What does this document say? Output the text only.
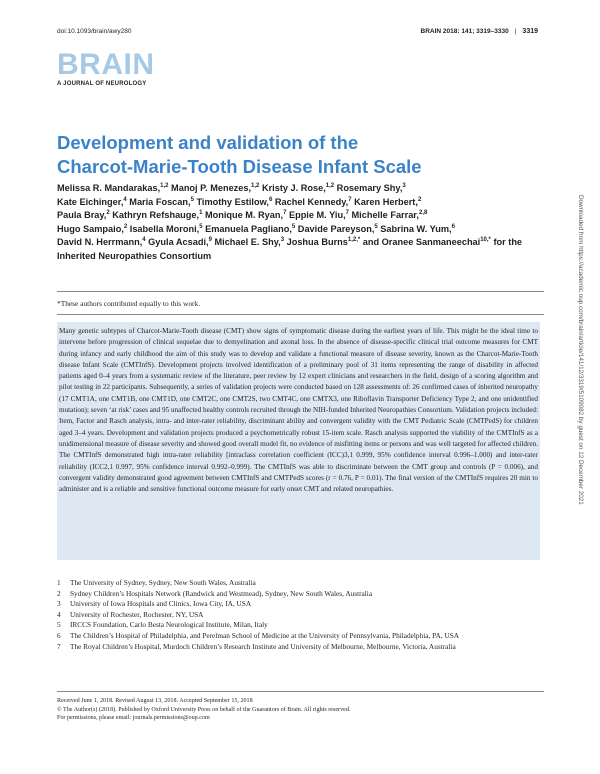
doi:10.1093/brain/awy280	BRAIN 2018: 141; 3319–3330 | 3319
BRAIN
A JOURNAL OF NEUROLOGY
Development and validation of the
Charcot-Marie-Tooth Disease Infant Scale

Melissa R. Mandarakas,$^{1,2}$ Manoj P. Menezes,$^{1,2}$ Kristy J. Rose,$^{1,2}$ Rosemary Shy,$^3$
Kate Eichinger,$^4$ Maria Foscan,$^5$ Timothy Estilow,$^6$ Rachel Kennedy,$^7$ Karen Herbert,$^2$
Paula Bray,$^2$ Kathryn Refshauge,$^1$ Monique M. Ryan,$^7$ Eppie M. Yiu,$^7$ Michelle Farrar,$^{2,8}$
Hugo Sampaio,$^2$ Isabella Moroni,$^5$ Emanuela Pagliano,$^5$ Davide Pareyson,$^5$ Sabrina W. Yum,$^6$
David N. Herrmann,$^4$ Gyula Acsadi,$^9$ Michael E. Shy,$^3$ Joshua Burns$^{1,2,*}$ and Oranee Sanmaneechai$^{10,*}$ for the Inherited Neuropathies Consortium

*These authors contributed equally to this work.

Many genetic subtypes of Charcot-Marie-Tooth disease (CMT) show signs of symptomatic disease during the earliest years of life. This might be the ideal time to intervene before progression of clinical sequelae due to demyelination and axonal loss. In the absence of disease-specific clinical trial outcome measures for CMT during infancy and early childhood the aim of this study was to develop and validate a functional measure of disease severity, known as the Charcot-Marie-Tooth disease Infant Scale (CMTInfS). Development projects involved identification of a preliminary pool of 31 items representing the range of disability in affected patients aged 0–4 years from a systematic review of the literature, peer review by 12 expert clinicians and researchers in the field, design of a scoring algorithm and pilot testing in 22 participants. Subsequently, a series of validation projects were conducted based on 128 assessments of: 26 confirmed cases of inherited neuropathy (17 CMT1A, one CMT1B, one CMT1D, one CMT2C, one CMT2S, two CMT4C, one CMTX3, one Riboflavin Transporter Deficiency Type 2, and one unidentified mutation); seven ‘at risk’ cases and 95 unaffected healthy controls recruited through the NIH-funded Inherited Neuropathies Consortium. Validation projects included: Item, Factor and Rasch analysis, intra- and inter-rater reliability, discriminant ability and convergent validity with the CMT Pediatric Scale (CMTPedS) for children aged 3–4 years. Development and validation projects produced a psychometrically robust 15-item scale. Rasch analysis supported the viability of the CMTInfS as a unidimensional measure of disease severity and showed good overall model fit, no evidence of misfitting items or persons and was well targeted for affected children. The CMTInfS demonstrated high intra-rater reliability [intraclass correlation coefficient (ICC)3,1 0.999, 95% confidence interval 0.996–1.000) and inter-rater reliability (ICC2,1 0.997, 95% confidence interval 0.992–0.999). The CMTInfS was able to discriminate between the CMT group and controls (P = 0.006), and convergent validity demonstrated good agreement between CMTInfS and CMTPedS scores (r = 0.76, P = 0.01). The final version of the CMTInfS requires 20 min to administer and is a reliable and sensitive functional outcome measure for early onset CMT and related neuropathies.

1 The University of Sydney, Sydney, New South Wales, Australia
2 Sydney Children’s Hospitals Network (Randwick and Westmead), Sydney, New South Wales, Australia
3 University of Iowa Hospitals and Clinics, Iowa City, IA, USA
4 University of Rochester, Rochester, NY, USA
5 IRCCS Foundation, Carlo Besta Neurological Institute, Milan, Italy
6 The Children’s Hospital of Philadelphia, and Perelman School of Medicine at the University of Pennsylvania, Philadelphia, PA, USA
7 The Royal Children’s Hospital, Murdoch Children’s Research Institute and University of Melbourne, Melbourne, Victoria, Australia
Received June 1, 2018. Revised August 13, 2018. Accepted September 15, 2018
© The Author(s) (2018). Published by Oxford University Press on behalf of the Guarantors of Brain. All rights reserved.
For permissions, please email: journals.permissions@oup.com
Downloaded from https://academic.oup.com/brain/article/141/12/3319/5109082 by guest on 12 December 2021
